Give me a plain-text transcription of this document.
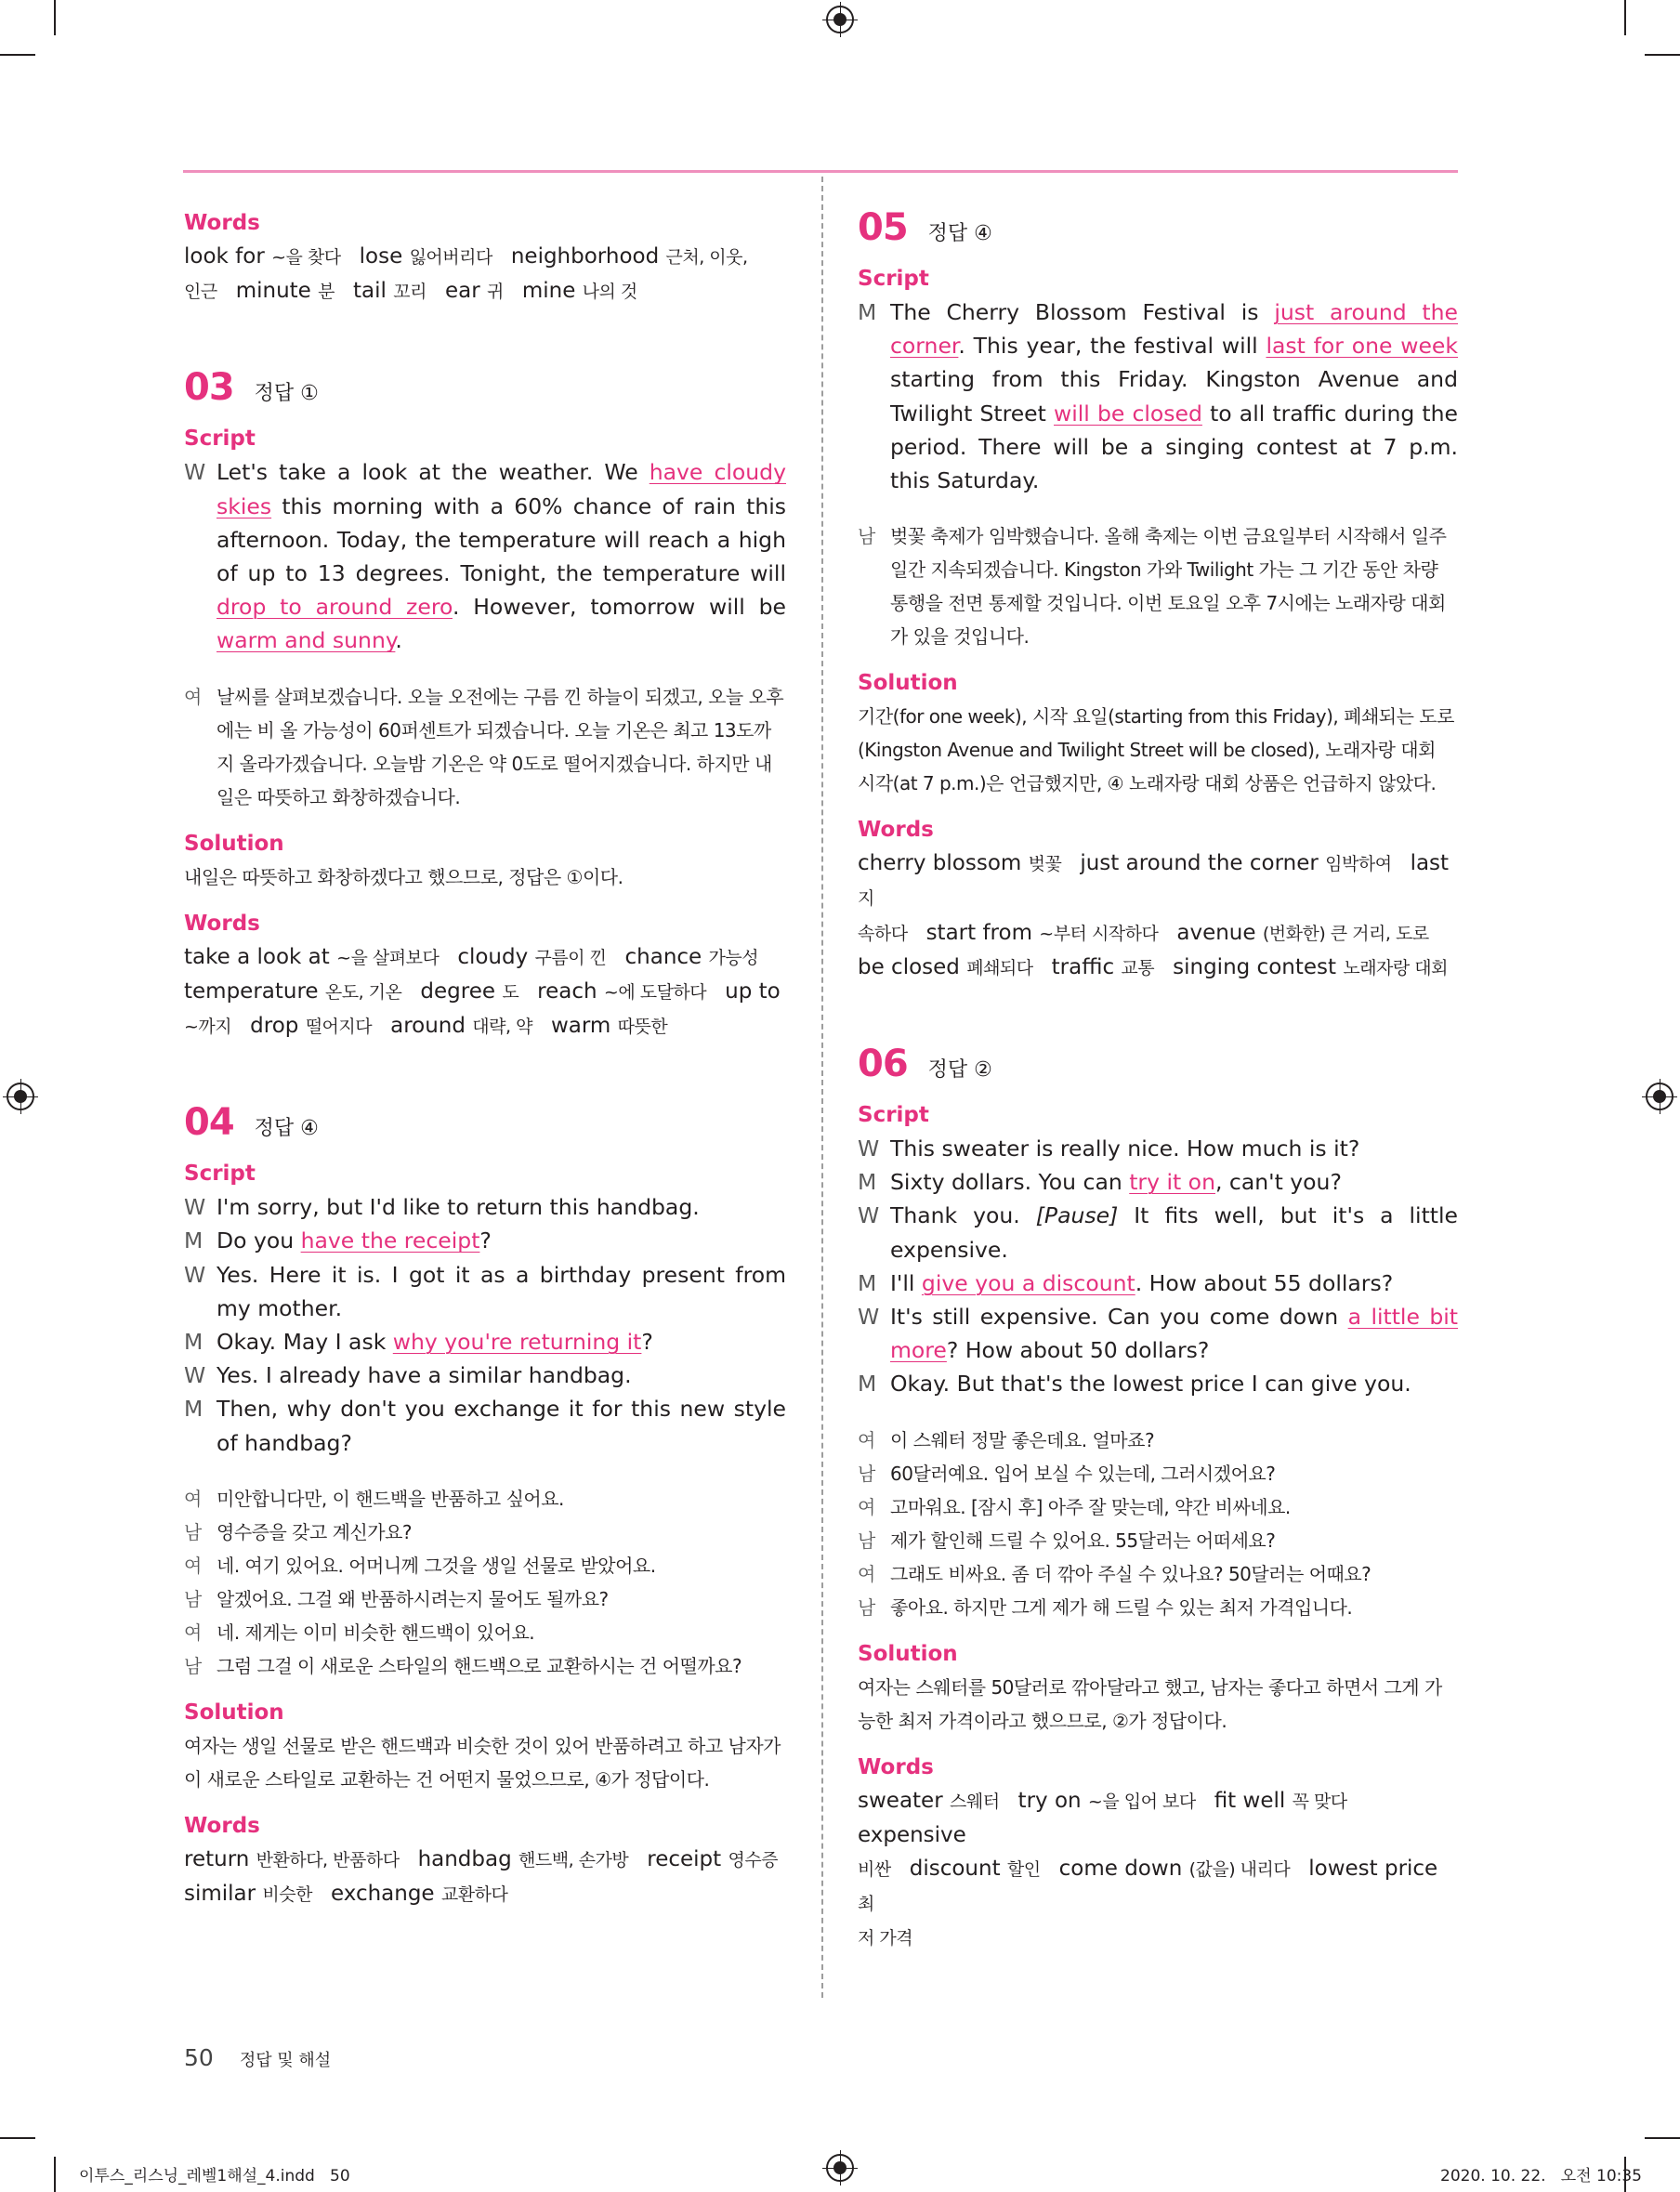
Words
look for ~을 찾다 lose 잃어버리다 neighborhood 근처, 이웃,
인근 minute 분 tail 꼬리 ear 귀 mine 나의 것
03 정답 ①
Script
W Let's take a look at the weather. We have cloudy skies this morning with a 60% chance of rain this afternoon. Today, the temperature will reach a high of up to 13 degrees. Tonight, the temperature will drop to around zero. However, tomorrow will be warm and sunny.
여 날씨를 살펴보겠습니다. 오늘 오전에는 구름 낀 하늘이 되겠고, 오늘 오후에는 비 올 가능성이 60퍼센트가 되겠습니다. 오늘 기온은 최고 13도까지 올라가겠습니다. 오늘밤 기온은 약 0도로 떨어지겠습니다. 하지만 내일은 따뜻하고 화창하겠습니다.
Solution
내일은 따뜻하고 화창하겠다고 했으므로, 정답은 ①이다.
Words
take a look at ~을 살펴보다 cloudy 구름이 낀 chance 가능성
temperature 온도, 기온 degree 도 reach ~에 도달하다 up to
~까지 drop 떨어지다 around 대략, 약 warm 따뜻한
04 정답 ④
Script
W I'm sorry, but I'd like to return this handbag.
M Do you have the receipt?
W Yes. Here it is. I got it as a birthday present from my mother.
M Okay. May I ask why you're returning it?
W Yes. I already have a similar handbag.
M Then, why don't you exchange it for this new style of handbag?
여 미안합니다만, 이 핸드백을 반품하고 싶어요.
남 영수증을 갖고 계신가요?
여 네. 여기 있어요. 어머니께 그것을 생일 선물로 받았어요.
남 알겠어요. 그걸 왜 반품하시려는지 물어도 될까요?
여 네. 제게는 이미 비슷한 핸드백이 있어요.
남 그럼 그걸 이 새로운 스타일의 핸드백으로 교환하시는 건 어떨까요?
Solution
여자는 생일 선물로 받은 핸드백과 비슷한 것이 있어 반품하려고 하고 남자가 이 새로운 스타일로 교환하는 건 어떤지 물었으므로, ④가 정답이다.
Words
return 반환하다, 반품하다 handbag 핸드백, 손가방 receipt 영수증
similar 비슷한 exchange 교환하다
05 정답 ④
Script
M The Cherry Blossom Festival is just around the corner. This year, the festival will last for one week starting from this Friday. Kingston Avenue and Twilight Street will be closed to all traffic during the period. There will be a singing contest at 7 p.m. this Saturday.
남 벚꽃 축제가 임박했습니다. 올해 축제는 이번 금요일부터 시작해서 일주일간 지속되겠습니다. Kingston 가와 Twilight 가는 그 기간 동안 차량 통행을 전면 통제할 것입니다. 이번 토요일 오후 7시에는 노래자랑 대회가 있을 것입니다.
Solution
기간(for one week), 시작 요일(starting from this Friday), 폐쇄되는 도로(Kingston Avenue and Twilight Street will be closed), 노래자랑 대회 시각(at 7 p.m.)은 언급했지만, ④ 노래자랑 대회 상품은 언급하지 않았다.
Words
cherry blossom 벚꽃 just around the corner 임박하여 last 지
속하다 start from ~부터 시작하다 avenue (번화한) 큰 거리, 도로
be closed 폐쇄되다 traffic 교통 singing contest 노래자랑 대회
06 정답 ②
Script
W This sweater is really nice. How much is it?
M Sixty dollars. You can try it on, can't you?
W Thank you. [Pause] It fits well, but it's a little expensive.
M I'll give you a discount. How about 55 dollars?
W It's still expensive. Can you come down a little bit more? How about 50 dollars?
M Okay. But that's the lowest price I can give you.
여 이 스웨터 정말 좋은데요. 얼마죠?
남 60달러예요. 입어 보실 수 있는데, 그러시겠어요?
여 고마워요. [잠시 후] 아주 잘 맞는데, 약간 비싸네요.
남 제가 할인해 드릴 수 있어요. 55달러는 어떠세요?
여 그래도 비싸요. 좀 더 깎아 주실 수 있나요? 50달러는 어때요?
남 좋아요. 하지만 그게 제가 해 드릴 수 있는 최저 가격입니다.
Solution
여자는 스웨터를 50달러로 깎아달라고 했고, 남자는 좋다고 하면서 그게 가능한 최저 가격이라고 했으므로, ②가 정답이다.
Words
sweater 스웨터 try on ~을 입어 보다 fit well 꼭 맞다expensive
비싼 discount 할인 come down (값을) 내리다 lowest price 최
저 가격
50 정답 및 해설
이투스_리스닝_레벨1해설_4.indd   50	2020. 10. 22.   오전 10:35
